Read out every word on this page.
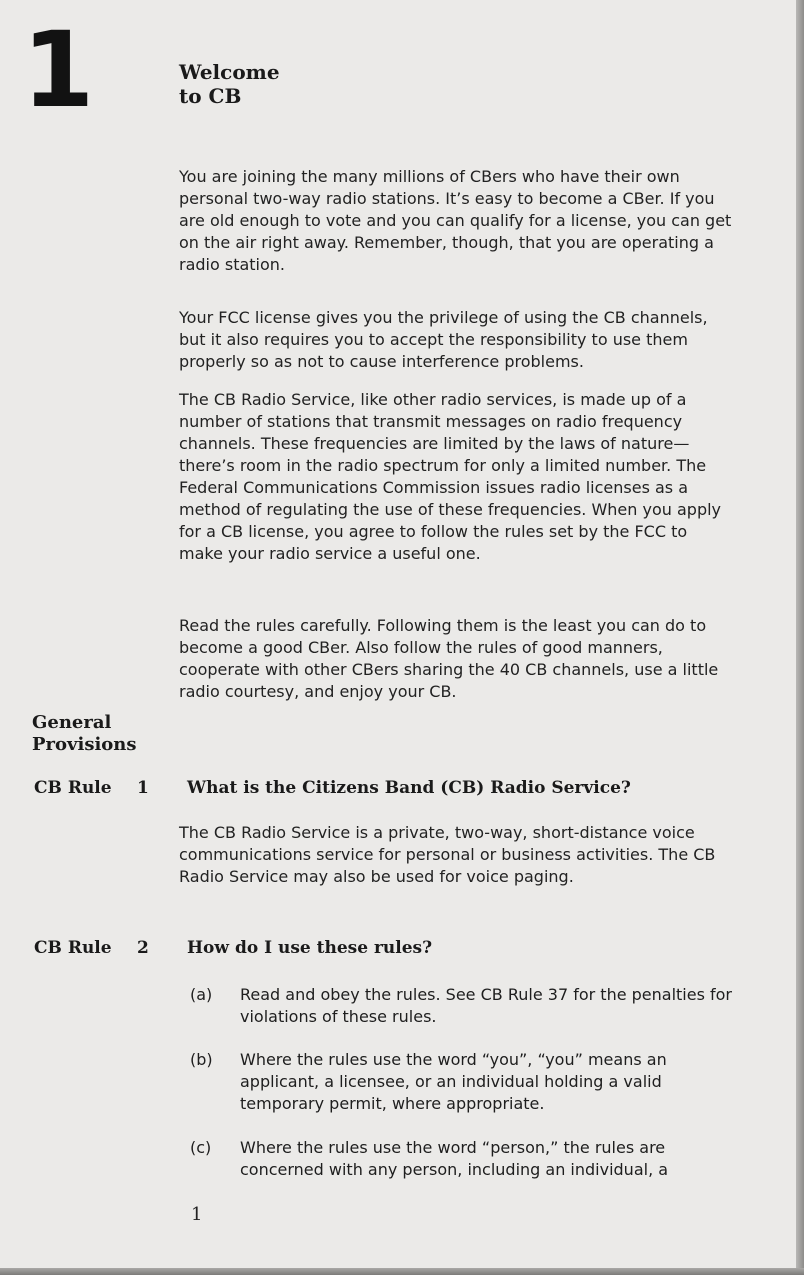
1	Welcome
to CB

You are joining the many millions of CBers who have their own personal two-way radio stations. It’s easy to become a CBer. If you are old enough to vote and you can qualify for a license, you can get on the air right away. Remember, though, that you are operating a radio station.

Your FCC license gives you the privilege of using the CB channels, but it also requires you to accept the responsibility to use them properly so as not to cause interference problems.

The CB Radio Service, like other radio services, is made up of a number of stations that transmit messages on radio frequency channels. These frequencies are limited by the laws of nature—there’s room in the radio spectrum for only a limited number. The Federal Communications Commission issues radio licenses as a method of regulating the use of these frequencies. When you apply for a CB license, you agree to follow the rules set by the FCC to make your radio service a useful one.

Read the rules carefully. Following them is the least you can do to become a good CBer. Also follow the rules of good manners, cooperate with other CBers sharing the 40 CB channels, use a little radio courtesy, and enjoy your CB.

General
Provisions
CB Rule 1 What is the Citizens Band (CB) Radio Service?

The CB Radio Service is a private, two-way, short-distance voice communications service for personal or business activities. The CB Radio Service may also be used for voice paging.

CB Rule 2 How do I use these rules?
(a) Read and obey the rules. See CB Rule 37 for the penalties for violations of these rules.

(b) Where the rules use the word “you”, “you” means an applicant, a licensee, or an individual holding a valid temporary permit, where appropriate.

(c) Where the rules use the word “person,” the rules are concerned with any person, including an individual, a

1
